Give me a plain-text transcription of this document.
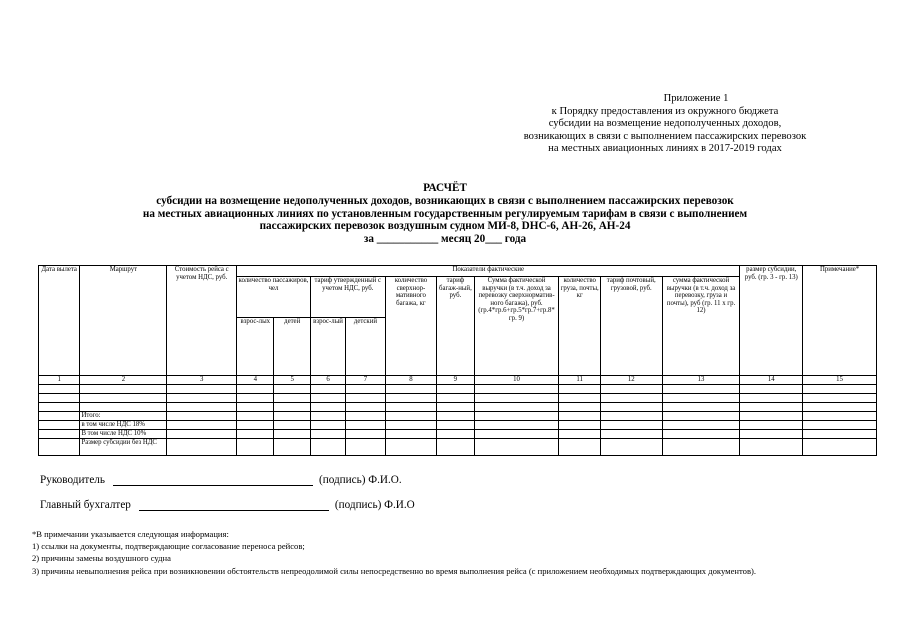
Приложение 1
к Порядку предоставления из окружного бюджета
субсидии на возмещение недополученных доходов,
возникающих в связи с выполнением пассажирских перевозок
на местных авиационных линиях в 2017-2019 годах
РАСЧЁТ
субсидии на возмещение недополученных доходов, возникающих в связи с выполнением пассажирских перевозок
на местных авиационных линиях по установленным государственным регулируемым тарифам в связи с выполнением
пассажирских перевозок воздушным судном МИ-8, DHC-6, АН-26, АН-24
за ___________ месяц 20___ года
Дата вылета	Маршрут	Стоимость рейса с учетом НДС, руб.	Показатели фактические										размер субсидии, руб. (гр. 3 - гр. 13)	Примечание*
			количество пассажиров, чел		тариф утвержденный с учетом НДС, руб.		количество сверхнор-мативного багажа, кг	тариф багаж-ный, руб.	Сумма фактической выручки (в т.ч. доход за перевозку сверхнорматив-ного багажа), руб. (гр.4*гр.6+гр.5*гр.7+гр.8* гр. 9)	количество груза, почты, кг	тариф почтовый, грузовой, руб.	сумма фактической выручки (в т.ч. доход за перевозку, груза и почты), руб (гр. 11 х гр. 12)		
			взрос-лых	детей	взрос-лый	детский								
1	2	3	4	5	6	7	8	9	10	11	12	13	14	15

	Итого:													
	в том числе НДС 18%													
	В том числе НДС 10%													
	Размер субсидии без НДС													
Руководитель	(подпись) Ф.И.О.
Главный бухгалтер	(подпись) Ф.И.О
*В примечании указывается следующая информация:
1) ссылки на документы, подтверждающие согласование переноса рейсов;
2) причины замены воздушного судна
3) причины невыполнения рейса при возникновении обстоятельств непреодолимой силы непосредственно во время выполнения рейса (с приложением необходимых подтверждающих документов).
